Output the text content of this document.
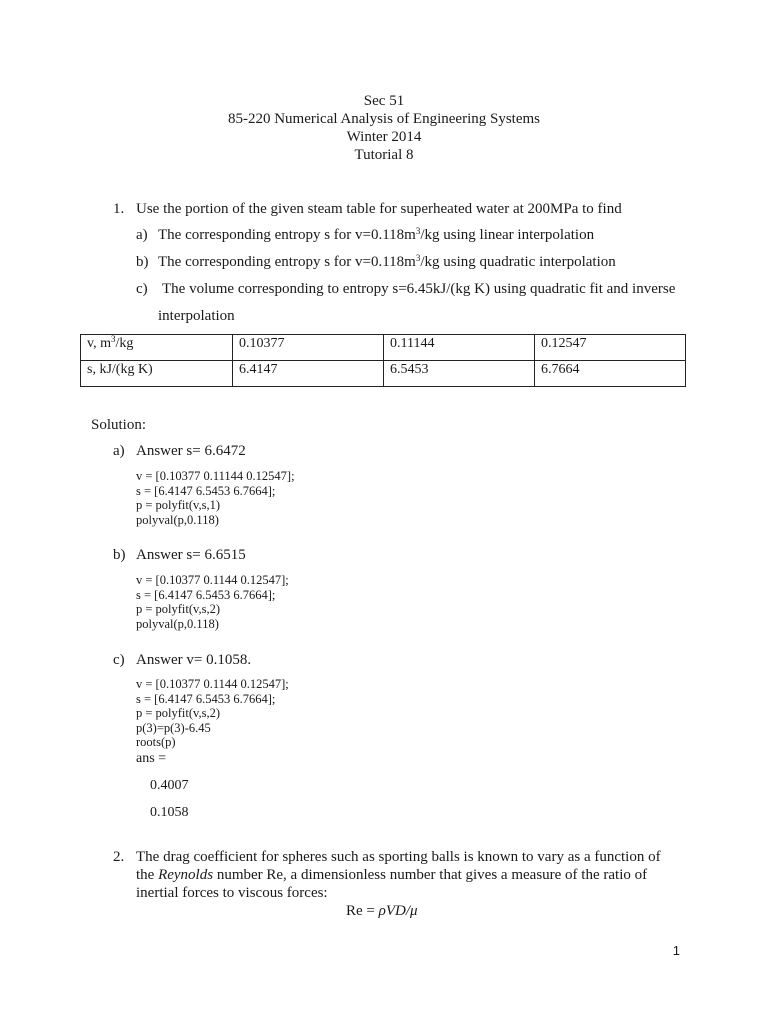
Sec 51
85-220 Numerical Analysis of Engineering Systems
Winter 2014
Tutorial 8
1. Use the portion of the given steam table for superheated water at 200MPa to find
a) The corresponding entropy s for $v=0.118m^3/kg$ using linear interpolation
b) The corresponding entropy s for $v=0.118m^3/kg$ using quadratic interpolation
c) The volume corresponding to entropy s=6.45kJ/(kg K) using quadratic fit and inverse
interpolation
v, $m^3/kg$	0.10377	0.11144	0.12547
s, kJ/(kg K)	6.4147	6.5453	6.7664
Solution:
a) Answer s= 6.6472
v = [0.10377 0.11144 0.12547];
s = [6.4147 6.5453 6.7664];
p = polyfit(v,s,1)
polyval(p,0.118)
b) Answer s= 6.6515
v = [0.10377 0.1144 0.12547];
s = [6.4147 6.5453 6.7664];
p = polyfit(v,s,2)
polyval(p,0.118)
c) Answer v= 0.1058.
v = [0.10377 0.1144 0.12547];
s = [6.4147 6.5453 6.7664];
p = polyfit(v,s,2)
p(3)=p(3)-6.45
roots(p)
ans =
0.4007
0.1058
2. The drag coefficient for spheres such as sporting balls is known to vary as a function of
the Reynolds number Re, a dimensionless number that gives a measure of the ratio of
inertial forces to viscous forces:
Re = ρVD/μ
1
